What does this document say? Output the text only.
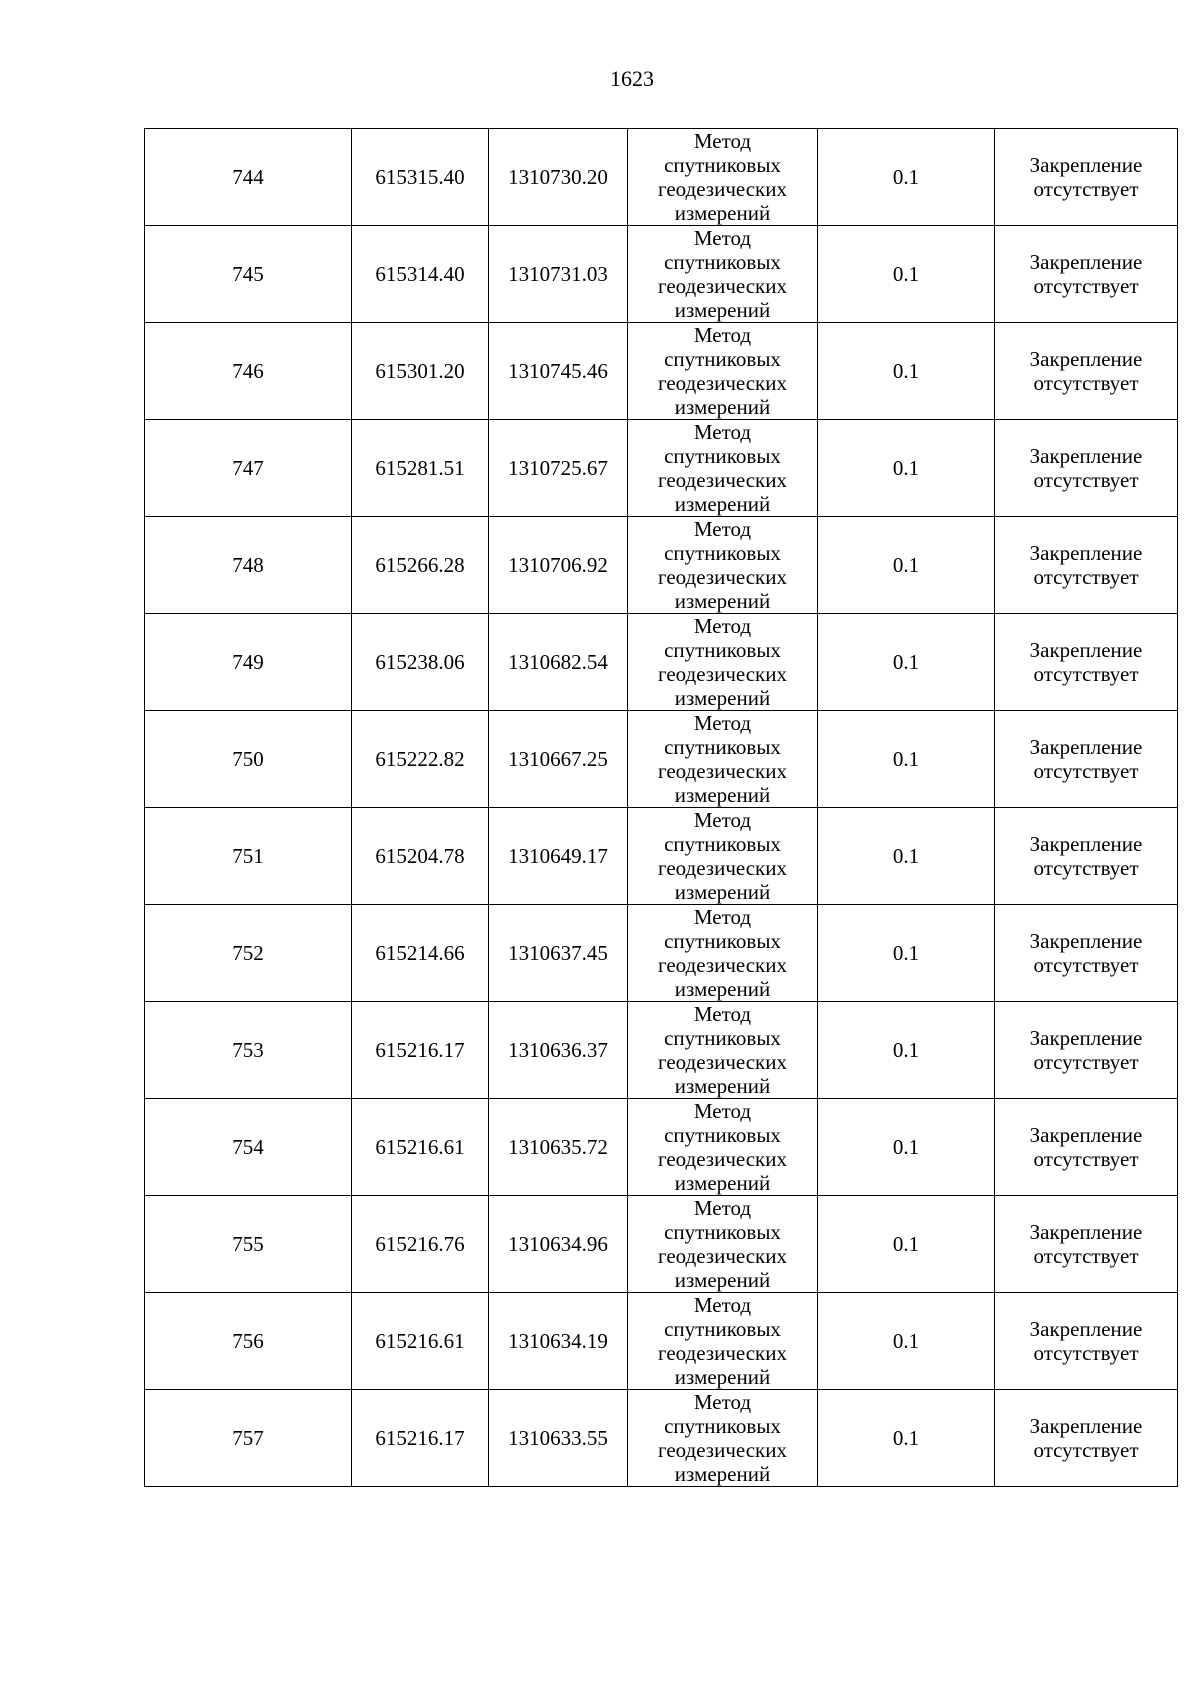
1623
744	615315.40	1310730.20	Метод
спутниковых
геодезических
измерений	0.1	Закрепление
отсутствует

745	615314.40	1310731.03	Метод
спутниковых
геодезических
измерений	0.1	Закрепление
отсутствует

746	615301.20	1310745.46	Метод
спутниковых
геодезических
измерений	0.1	Закрепление
отсутствует

747	615281.51	1310725.67	Метод
спутниковых
геодезических
измерений	0.1	Закрепление
отсутствует

748	615266.28	1310706.92	Метод
спутниковых
геодезических
измерений	0.1	Закрепление
отсутствует

749	615238.06	1310682.54	Метод
спутниковых
геодезических
измерений	0.1	Закрепление
отсутствует

750	615222.82	1310667.25	Метод
спутниковых
геодезических
измерений	0.1	Закрепление
отсутствует

751	615204.78	1310649.17	Метод
спутниковых
геодезических
измерений	0.1	Закрепление
отсутствует

752	615214.66	1310637.45	Метод
спутниковых
геодезических
измерений	0.1	Закрепление
отсутствует

753	615216.17	1310636.37	Метод
спутниковых
геодезических
измерений	0.1	Закрепление
отсутствует

754	615216.61	1310635.72	Метод
спутниковых
геодезических
измерений	0.1	Закрепление
отсутствует

755	615216.76	1310634.96	Метод
спутниковых
геодезических
измерений	0.1	Закрепление
отсутствует

756	615216.61	1310634.19	Метод
спутниковых
геодезических
измерений	0.1	Закрепление
отсутствует

757	615216.17	1310633.55	Метод
спутниковых
геодезических
измерений	0.1	Закрепление
отсутствует
